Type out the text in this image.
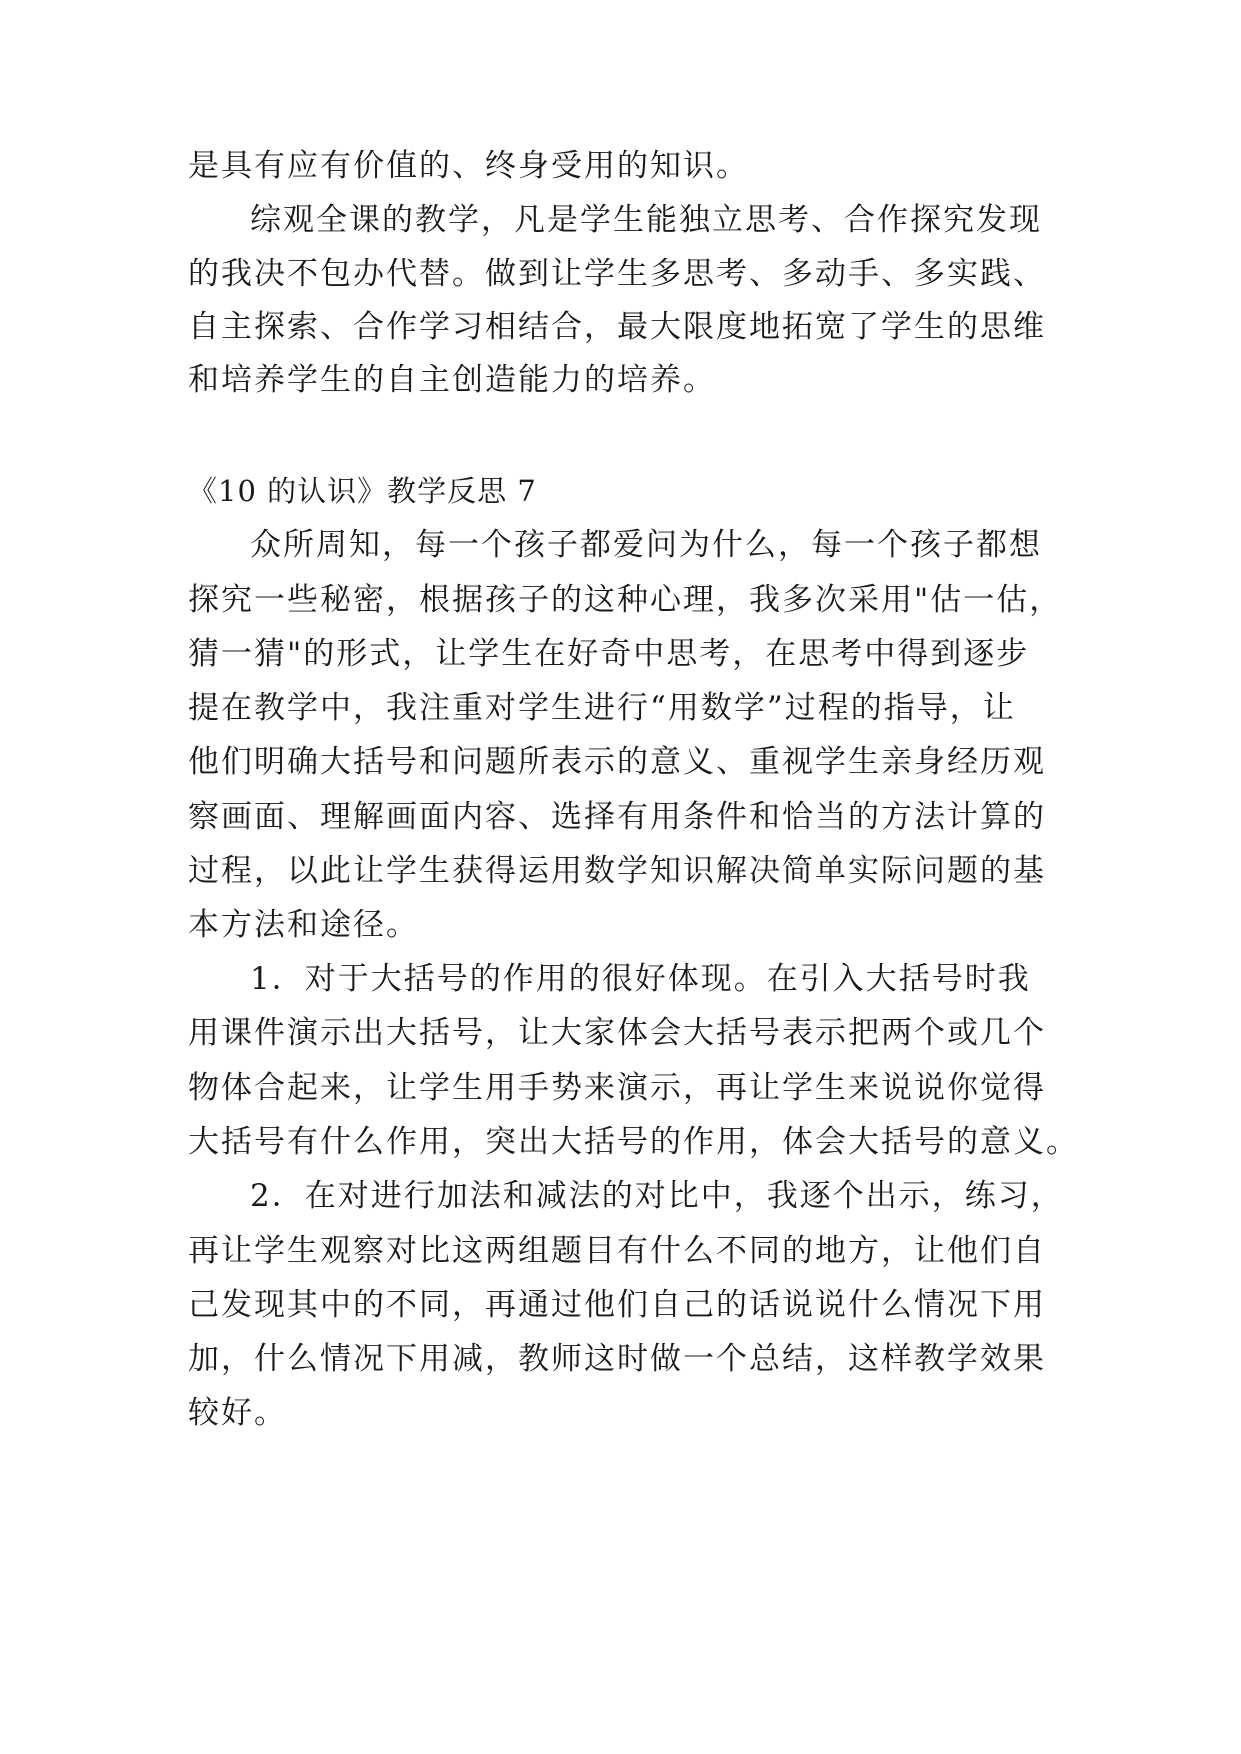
是具有应有价值的、终身受用的知识。
综观全课的教学，凡是学生能独立思考、合作探究发现
的我决不包办代替。做到让学生多思考、多动手、多实践、
自主探索、合作学习相结合，最大限度地拓宽了学生的思维
和培养学生的自主创造能力的培养。
《10 的认识》教学反思 7
众所周知，每一个孩子都爱问为什么，每一个孩子都想
探究一些秘密，根据孩子的这种心理，我多次采用"估一估，
猜一猜"的形式，让学生在好奇中思考，在思考中得到逐步
提在教学中，我注重对学生进行“用数学”过程的指导，让
他们明确大括号和问题所表示的意义、重视学生亲身经历观
察画面、理解画面内容、选择有用条件和恰当的方法计算的
过程，以此让学生获得运用数学知识解决简单实际问题的基
本方法和途径。
1．对于大括号的作用的很好体现。在引入大括号时我
用课件演示出大括号，让大家体会大括号表示把两个或几个
物体合起来，让学生用手势来演示，再让学生来说说你觉得
大括号有什么作用，突出大括号的作用，体会大括号的意义。
2．在对进行加法和减法的对比中，我逐个出示，练习，
再让学生观察对比这两组题目有什么不同的地方，让他们自
己发现其中的不同，再通过他们自己的话说说什么情况下用
加，什么情况下用减，教师这时做一个总结，这样教学效果
较好。
